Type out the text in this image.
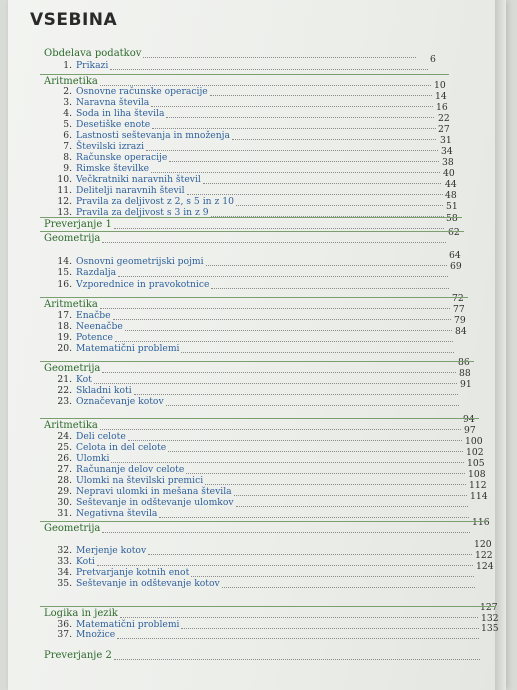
VSEBINA
Obdelava podatkov
1. Prikazi
6
Aritmetika
2. Osnovne računske operacije
10
3. Naravna števila
14
4. Soda in liha števila
16
5. Desetiške enote
22
6. Lastnosti seštevanja in množenja
27
7. Številski izrazi
31
8. Računske operacije
34
9. Rimske številke
38
10. Večkratniki naravnih števil
40
11. Delitelji naravnih števil
44
12. Pravila za deljivost z 2, s 5 in z 10
48
13. Pravila za deljivost s 3 in z 9
51
Preverjanje 1
58
Geometrija
62
14. Osnovni geometrijski pojmi
64
15. Razdalja
69
16. Vzporednice in pravokotnice
Aritmetika
72
17. Enačbe
77
18. Neenačbe
79
19. Potence
84
20. Matematični problemi
Geometrija
86
21. Kot
88
22. Skladni koti
91
23. Označevanje kotov
Aritmetika
94
24. Deli celote
97
25. Celota in del celote
100
26. Ulomki
102
27. Računanje delov celote
105
28. Ulomki na številski premici
108
29. Nepravi ulomki in mešana števila
112
30. Seštevanje in odštevanje ulomkov
114
31. Negativna števila
Geometrija
116
32. Merjenje kotov
120
33. Koti
122
34. Pretvarjanje kotnih enot
124
35. Seštevanje in odštevanje kotov
Logika in jezik
127
36. Matematični problemi
132
37. Množice
135
Preverjanje 2
